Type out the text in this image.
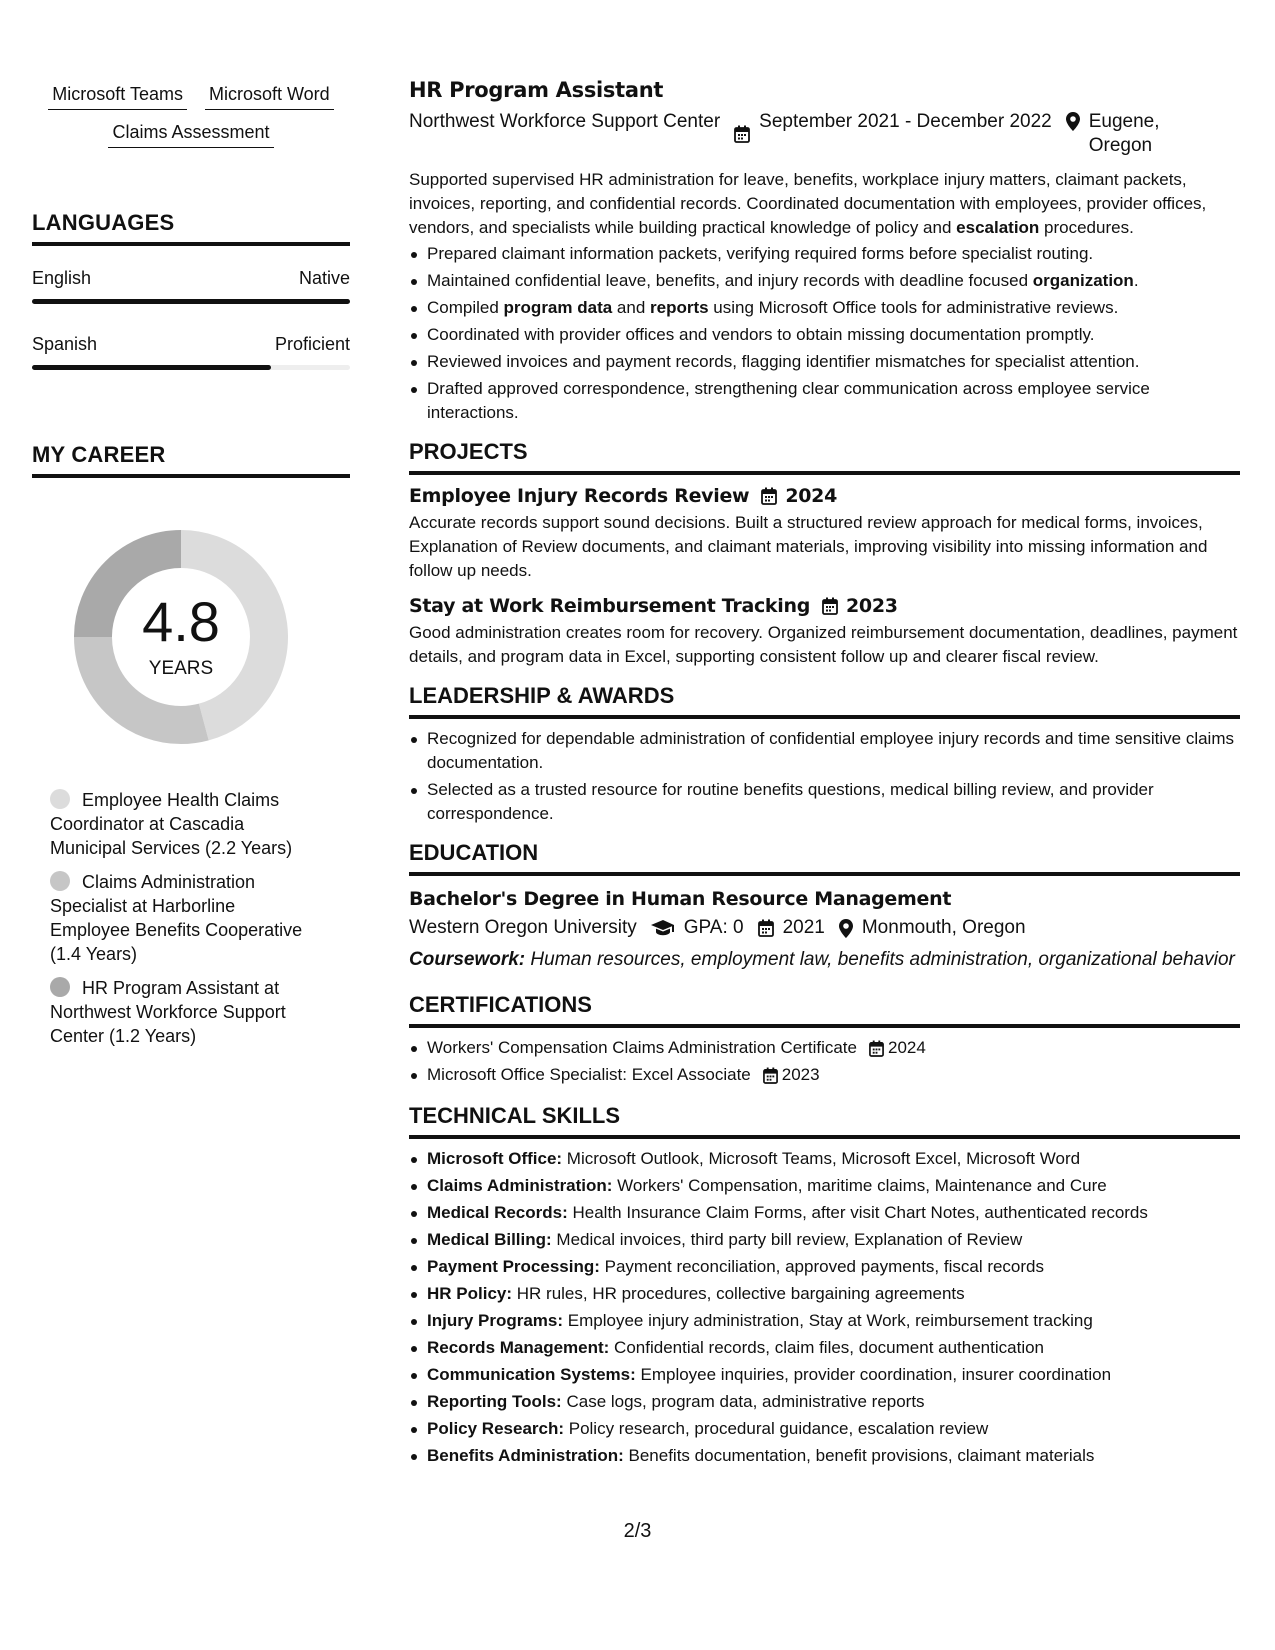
Microsoft Teams Microsoft Word
Claims Assessment
LANGUAGES
English	Native
Spanish	Proficient
MY CAREER
4.8
YEARS
Employee Health Claims Coordinator at Cascadia Municipal Services (2.2 Years)
Claims Administration Specialist at Harborline Employee Benefits Cooperative (1.4 Years)
HR Program Assistant at Northwest Workforce Support Center (1.2 Years)
HR Program Assistant
Northwest Workforce Support Center September 2021 - December 2022 Eugene,
Oregon
Supported supervised HR administration for leave, benefits, workplace injury matters, claimant packets, invoices, reporting, and confidential records. Coordinated documentation with employees, provider offices, vendors, and specialists while building practical knowledge of policy and escalation procedures.
Prepared claimant information packets, verifying required forms before specialist routing.
Maintained confidential leave, benefits, and injury records with deadline focused organization.
Compiled program data and reports using Microsoft Office tools for administrative reviews.
Coordinated with provider offices and vendors to obtain missing documentation promptly.
Reviewed invoices and payment records, flagging identifier mismatches for specialist attention.
Drafted approved correspondence, strengthening clear communication across employee service interactions.
PROJECTS
Employee Injury Records Review 2024
Accurate records support sound decisions. Built a structured review approach for medical forms, invoices, Explanation of Review documents, and claimant materials, improving visibility into missing information and follow up needs.
Stay at Work Reimbursement Tracking 2023
Good administration creates room for recovery. Organized reimbursement documentation, deadlines, payment details, and program data in Excel, supporting consistent follow up and clearer fiscal review.
LEADERSHIP & AWARDS
Recognized for dependable administration of confidential employee injury records and time sensitive claims documentation.
Selected as a trusted resource for routine benefits questions, medical billing review, and provider correspondence.
EDUCATION
Bachelor's Degree in Human Resource Management
Western Oregon University GPA: 0 2021 Monmouth, Oregon
Coursework: Human resources, employment law, benefits administration, organizational behavior
CERTIFICATIONS
Workers' Compensation Claims Administration Certificate 2024
Microsoft Office Specialist: Excel Associate 2023
TECHNICAL SKILLS
Microsoft Office: Microsoft Outlook, Microsoft Teams, Microsoft Excel, Microsoft Word
Claims Administration: Workers' Compensation, maritime claims, Maintenance and Cure
Medical Records: Health Insurance Claim Forms, after visit Chart Notes, authenticated records
Medical Billing: Medical invoices, third party bill review, Explanation of Review
Payment Processing: Payment reconciliation, approved payments, fiscal records
HR Policy: HR rules, HR procedures, collective bargaining agreements
Injury Programs: Employee injury administration, Stay at Work, reimbursement tracking
Records Management: Confidential records, claim files, document authentication
Communication Systems: Employee inquiries, provider coordination, insurer coordination
Reporting Tools: Case logs, program data, administrative reports
Policy Research: Policy research, procedural guidance, escalation review
Benefits Administration: Benefits documentation, benefit provisions, claimant materials
2/3
